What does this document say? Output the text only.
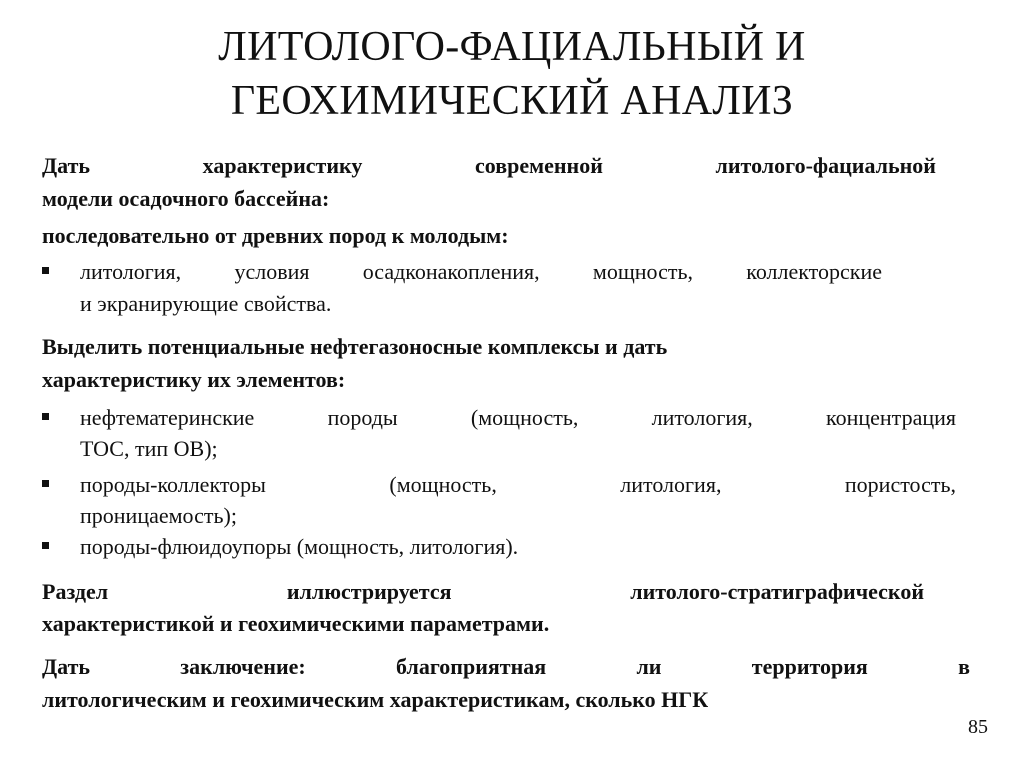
ЛИТОЛОГО-ФАЦИАЛЬНЫЙ И
ГЕОХИМИЧЕСКИЙ АНАЛИЗ
Дать характеристику современной литолого-фациальной
модели осадочного бассейна:
последовательно от древних пород к молодым:
литология, условия осадконакопления, мощность, коллекторские
и экранирующие свойства.
Выделить потенциальные нефтегазоносные комплексы и дать
характеристику их элементов:
нефтематеринские породы (мощность, литология, концентрация
ТОС, тип ОВ);
породы-коллекторы (мощность, литология, пористость,
проницаемость);
породы-флюидоупоры (мощность, литология).
Раздел иллюстрируется литолого-стратиграфической
характеристикой и геохимическими параметрами.
Дать заключение: благоприятная ли территория в
литологическим и геохимическим характеристикам, сколько НГК
85
